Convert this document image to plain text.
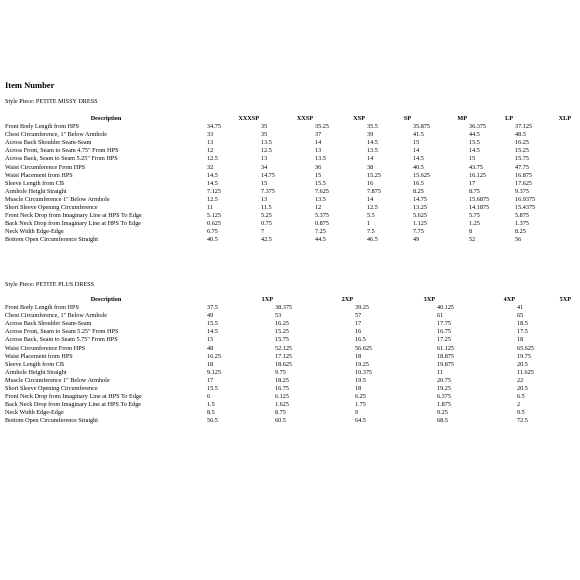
Item Number
Style Piece: PETITE MISSY DRESS
Description	XXXSP	XXSP	XSP	SP	MP	LP	XLP
Front Body Length from HPS	34.75	35	35.25	35.5	35.875	36.375	37.125
Chest Circumference, 1" Below Armhole	33	35	37	39	41.5	44.5	48.5
Across Back Shoulder Seam-Seam	13	13.5	14	14.5	15	15.5	16.25
Across Front, Seam to Seam 4.75" From HPS	12	12.5	13	13.5	14	14.5	15.25
Across Back, Seam to Seam 5.25" From HPS	12.5	13	13.5	14	14.5	15	15.75
Waist Circumference From HPS	32	34	36	38	40.5	43.75	47.75
Waist Placement from HPS	14.5	14.75	15	15.25	15.625	16.125	16.875
Sleeve Length from CB	14.5	15	15.5	16	16.5	17	17.625
Armhole Height Straight	7.125	7.375	7.625	7.875	8.25	8.75	9.375
Muscle Circumference 1" Below Armhole	12.5	13	13.5	14	14.75	15.6875	16.9375
Short Sleeve Opening Circumference	11	11.5	12	12.5	13.25	14.1875	15.4375
Front Neck Drop from Imaginary Line at HPS To Edge	5.125	5.25	5.375	5.5	5.625	5.75	5.875
Back Neck Drop from Imaginary Line at HPS To Edge	0.625	0.75	0.875	1	1.125	1.25	1.375
Neck Width Edge-Edge	6.75	7	7.25	7.5	7.75	8	8.25
Bottom Open Circumference Straight	40.5	42.5	44.5	46.5	49	52	56
Style Piece: PETITE PLUS DRESS
Description	1XP	2XP	3XP	4XP	5XP
Front Body Length from HPS	37.5	38.375	39.25	40.125	41
Chest Circumference, 1" Below Armhole	49	53	57	61	65
Across Back Shoulder Seam-Seam	15.5	16.25	17	17.75	18.5
Across Front, Seam to Seam 5.25" From HPS	14.5	15.25	16	16.75	17.5
Across Back, Seam to Seam 5.75" From HPS	15	15.75	16.5	17.25	18
Waist Circumference From HPS	48	52.125	56.625	61.125	65.625
Waist Placement from HPS	16.25	17.125	18	18.875	19.75
Sleeve Length from CB	18	18.625	19.25	19.875	20.5
Armhole Height Straight	9.125	9.75	10.375	11	11.625
Muscle Circumference 1" Below Armhole	17	18.25	19.5	20.75	22
Short Sleeve Opening Circumference	15.5	16.75	18	19.25	20.5
Front Neck Drop from Imaginary Line at HPS To Edge	6	6.125	6.25	6.375	6.5
Back Neck Drop from Imaginary Line at HPS To Edge	1.5	1.625	1.75	1.875	2
Neck Width Edge-Edge	8.5	8.75	9	9.25	9.5
Bottom Open Circumference Straight	56.5	60.5	64.5	68.5	72.5
